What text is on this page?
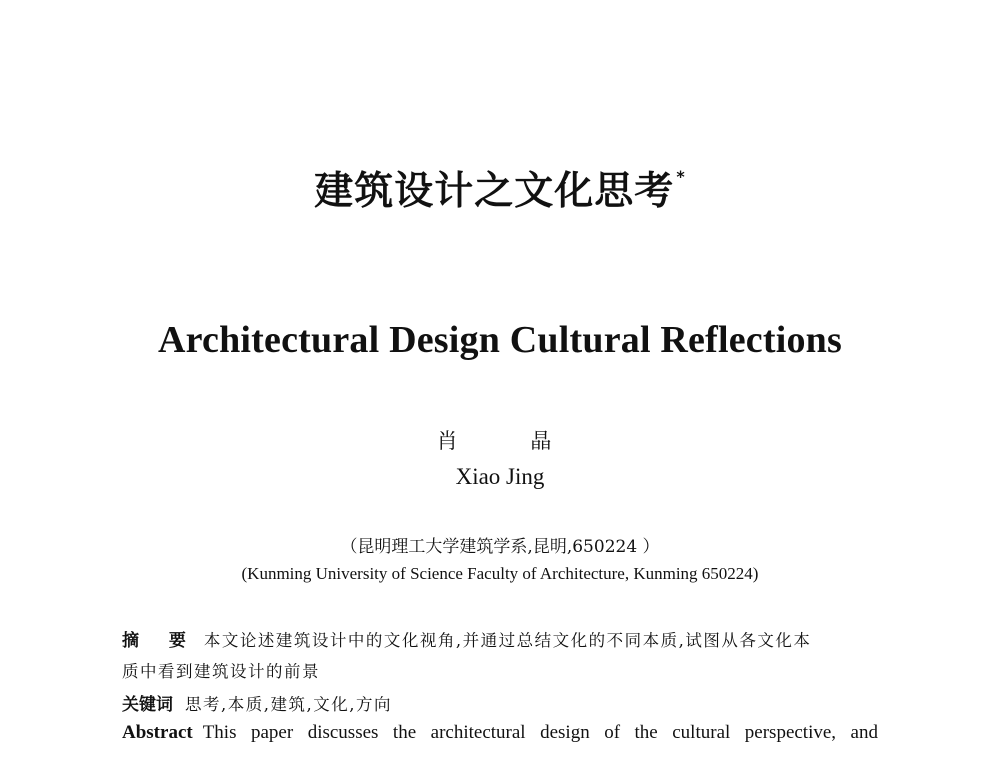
建筑设计之文化思考 *
Architectural Design Cultural Reflections
肖 晶
Xiao Jing
（昆明理工大学建筑学系,昆明,650224 ）
(Kunming University of Science Faculty of Architecture, Kunming 650224)
摘 要 本文论述建筑设计中的文化视角,并通过总结文化的不同本质,试图从各文化本
质中看到建筑设计的前景
关键词 思考,本质,建筑,文化,方向
Abstract This paper discusses the architectural design of the cultural perspective, and
